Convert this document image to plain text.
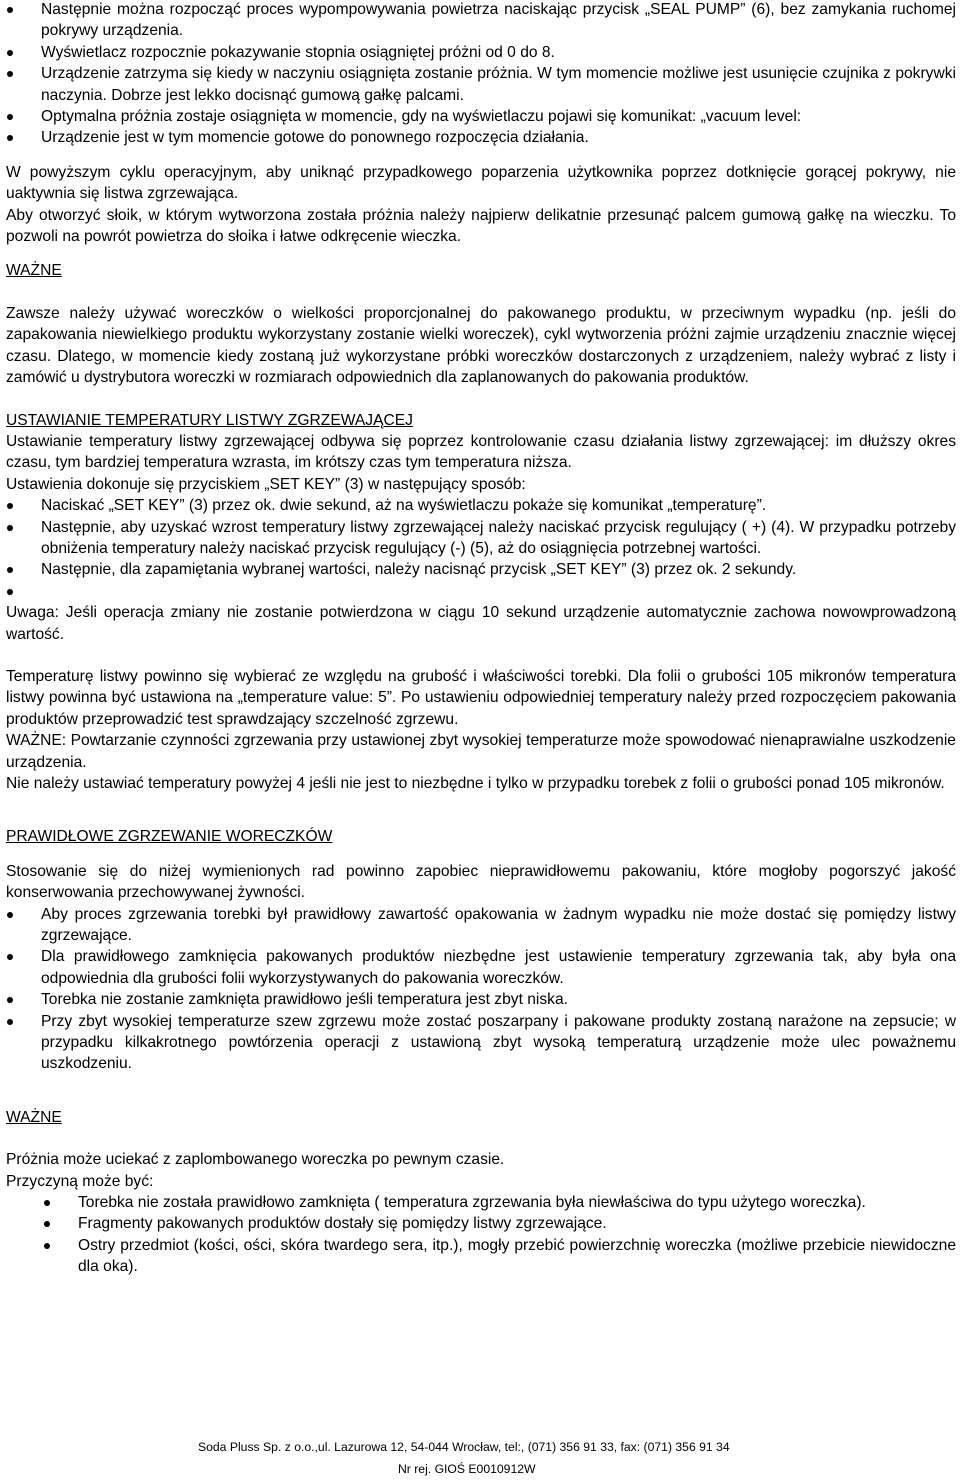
Następnie można rozpocząć proces wypompowywania powietrza naciskając przycisk „SEAL PUMP” (6), bez zamykania ruchomej pokrywy urządzenia.
Wyświetlacz rozpocznie pokazywanie stopnia osiągniętej próżni od 0 do 8.
Urządzenie zatrzyma się kiedy w naczyniu osiągnięta zostanie próżnia. W tym momencie możliwe jest usunięcie czujnika z pokrywki naczynia. Dobrze jest lekko docisnąć gumową gałkę palcami.
Optymalna próżnia zostaje osiągnięta w momencie, gdy na wyświetlaczu pojawi się komunikat: „vacuum level:
Urządzenie jest w tym momencie gotowe do ponownego rozpoczęcia działania.

W powyższym cyklu operacyjnym, aby uniknąć przypadkowego poparzenia użytkownika poprzez dotknięcie gorącej pokrywy, nie uaktywnia się listwa zgrzewająca.

Aby otworzyć słoik, w którym wytworzona została próżnia należy najpierw delikatnie przesunąć palcem gumową gałkę na wieczku. To pozwoli na powrót powietrza do słoika i łatwe odkręcenie wieczka.

WAŻNE

Zawsze należy używać woreczków o wielkości proporcjonalnej do pakowanego produktu, w przeciwnym wypadku (np. jeśli do zapakowania niewielkiego produktu wykorzystany zostanie wielki woreczek), cykl wytworzenia próżni zajmie urządzeniu znacznie więcej czasu. Dlatego, w momencie kiedy zostaną już wykorzystane próbki woreczków dostarczonych z urządzeniem, należy wybrać z listy i zamówić u dystrybutora woreczki w rozmiarach odpowiednich dla zaplanowanych do pakowania produktów.

USTAWIANIE TEMPERATURY LISTWY ZGRZEWAJĄCEJ

Ustawianie temperatury listwy zgrzewającej odbywa się poprzez kontrolowanie czasu działania listwy zgrzewającej: im dłuższy okres czasu, tym bardziej temperatura wzrasta, im krótszy czas tym temperatura niższa.

Ustawienia dokonuje się przyciskiem „SET KEY” (3) w następujący sposób:

Naciskać „SET KEY” (3) przez ok. dwie sekund, aż na wyświetlaczu pokaże się komunikat „temperaturę”.
Następnie, aby uzyskać wzrost temperatury listwy zgrzewającej należy naciskać przycisk regulujący ( +) (4). W przypadku potrzeby obniżenia temperatury należy naciskać przycisk regulujący (-) (5), aż do osiągnięcia potrzebnej wartości.
Następnie, dla zapamiętania wybranej wartości, należy nacisnąć przycisk „SET KEY” (3) przez ok. 2 sekundy.

Uwaga: Jeśli operacja zmiany nie zostanie potwierdzona w ciągu 10 sekund urządzenie automatycznie zachowa nowowprowadzoną wartość.

Temperaturę listwy powinno się wybierać ze względu na grubość i właściwości torebki. Dla folii o grubości 105 mikronów temperatura listwy powinna być ustawiona na „temperature value: 5”. Po ustawieniu odpowiedniej temperatury należy przed rozpoczęciem pakowania produktów przeprowadzić test sprawdzający szczelność zgrzewu.

WAŻNE: Powtarzanie czynności zgrzewania przy ustawionej zbyt wysokiej temperaturze może spowodować nienaprawialne uszkodzenie urządzenia.

Nie należy ustawiać temperatury powyżej 4 jeśli nie jest to niezbędne i tylko w przypadku torebek z folii o grubości ponad 105 mikronów.

PRAWIDŁOWE ZGRZEWANIE WORECZKÓW

Stosowanie się do niżej wymienionych rad powinno zapobiec nieprawidłowemu pakowaniu, które mogłoby pogorszyć jakość konserwowania przechowywanej żywności.

Aby proces zgrzewania torebki był prawidłowy zawartość opakowania w żadnym wypadku nie może dostać się pomiędzy listwy zgrzewające.
Dla prawidłowego zamknięcia pakowanych produktów niezbędne jest ustawienie temperatury zgrzewania tak, aby była ona odpowiednia dla grubości folii wykorzystywanych do pakowania woreczków.
Torebka nie zostanie zamknięta prawidłowo jeśli temperatura jest zbyt niska.
Przy zbyt wysokiej temperaturze szew zgrzewu może zostać poszarpany i pakowane produkty zostaną narażone na zepsucie; w przypadku kilkakrotnego powtórzenia operacji z ustawioną zbyt wysoką temperaturą urządzenie może ulec poważnemu uszkodzeniu.

WAŻNE

Próżnia może uciekać z zaplombowanego woreczka po pewnym czasie.

Przyczyną może być:

Torebka nie została prawidłowo zamknięta ( temperatura zgrzewania była niewłaściwa do typu użytego woreczka).
Fragmenty pakowanych produktów dostały się pomiędzy listwy zgrzewające.
Ostry przedmiot (kości, ości, skóra twardego sera, itp.), mogły przebić powierzchnię woreczka (możliwe przebicie niewidoczne dla oka).
Soda Pluss Sp. z o.o.,ul. Lazurowa 12, 54-044 Wrocław, tel:, (071) 356 91 33, fax: (071) 356 91 34
Nr rej. GIOŚ E0010912W
